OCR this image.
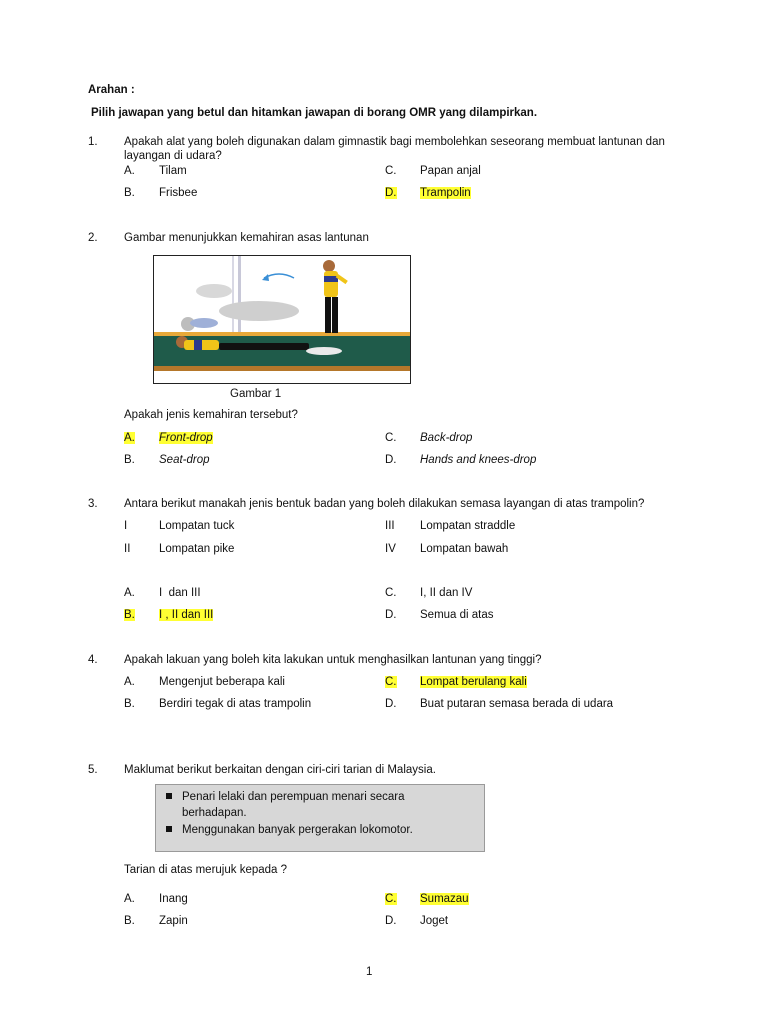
Arahan :
Pilih jawapan yang betul dan hitamkan jawapan di borang OMR yang dilampirkan.
1. Apakah alat yang boleh digunakan dalam gimnastik bagi membolehkan seseorang membuat lantunan dan
layangan di udara?
A. Tilam
B. Frisbee
C. Papan anjal
D. Trampolin
2. Gambar menunjukkan kemahiran asas lantunan
Gambar 1
Apakah jenis kemahiran tersebut?
A. Front-drop
B. Seat-drop
C. Back-drop
D. Hands and knees-drop
3. Antara berikut manakah jenis bentuk badan yang boleh dilakukan semasa layangan di atas trampolin?
I	Lompatan tuck
II Lompatan pike
III Lompatan straddle
IV Lompatan bawah
A. I  dan III
B. I , II dan III
C. I, II dan IV
D. Semua di atas
4. Apakah lakuan yang boleh kita lakukan untuk menghasilkan lantunan yang tinggi?
A. Mengenjut beberapa kali
B. Berdiri tegak di atas trampolin
C. Lompat berulang kali
D. Buat putaran semasa berada di udara
5. Maklumat berikut berkaitan dengan ciri-ciri tarian di Malaysia.
Penari lelaki dan perempuan menari secara
berhadapan.
Menggunakan banyak pergerakan lokomotor.
Tarian di atas merujuk kepada ?
A. Inang
B. Zapin
C. Sumazau
D. Joget
1
